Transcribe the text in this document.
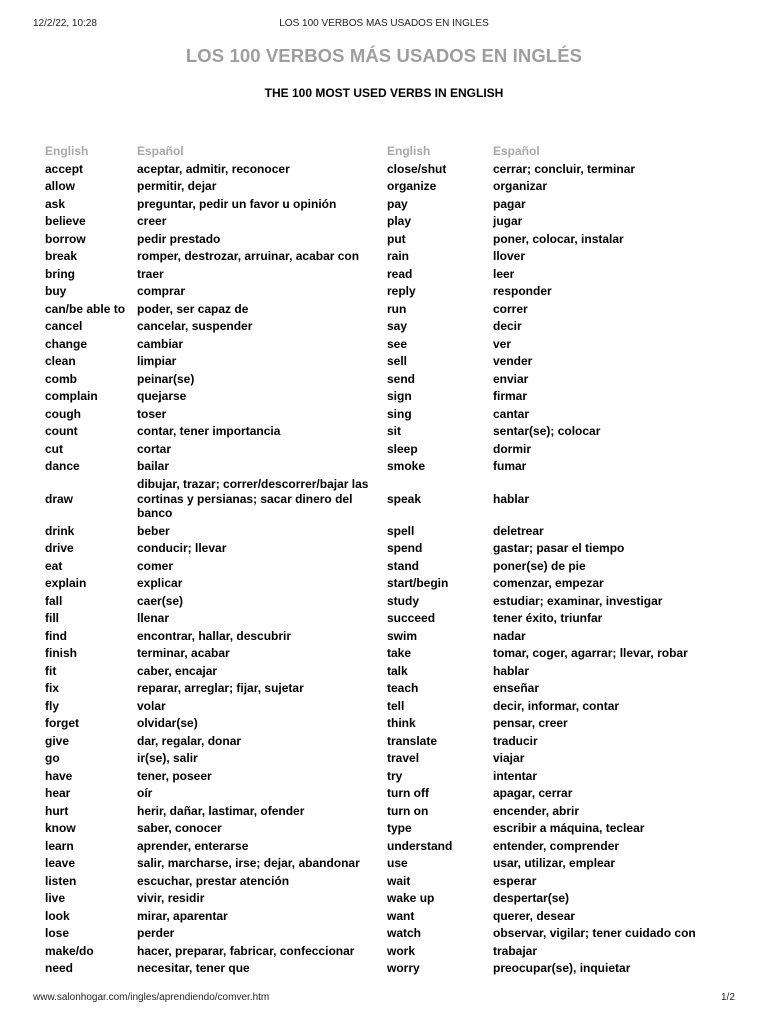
12/2/22, 10:28	LOS 100 VERBOS MAS USADOS EN INGLES
LOS 100 VERBOS MÁS USADOS EN INGLÉS
THE 100 MOST USED VERBS IN ENGLISH
English	Español
accept	aceptar, admitir, reconocer
allow	permitir, dejar
ask	preguntar, pedir un favor u opinión
believe	creer
borrow	pedir prestado
break	romper, destrozar, arruinar, acabar con
bring	traer
buy	comprar
can/be able to	poder, ser capaz de
cancel	cancelar, suspender
change	cambiar
clean	limpiar
comb	peinar(se)
complain	quejarse
cough	toser
count	contar, tener importancia
cut	cortar
dance	bailar
draw	dibujar, trazar; correr/descorrer/bajar las cortinas y persianas; sacar dinero del banco
drink	beber
drive	conducir; llevar
eat	comer
explain	explicar
fall	caer(se)
fill	llenar
find	encontrar, hallar, descubrir
finish	terminar, acabar
fit	caber, encajar
fix	reparar, arreglar; fijar, sujetar
fly	volar
forget	olvidar(se)
give	dar, regalar, donar
go	ir(se), salir
have	tener, poseer
hear	oír
hurt	herir, dañar, lastimar, ofender
know	saber, conocer
learn	aprender, enterarse
leave	salir, marcharse, irse; dejar, abandonar
listen	escuchar, prestar atención
live	vivir, residir
look	mirar, aparentar
lose	perder
make/do	hacer, preparar, fabricar, confeccionar
need	necesitar, tener que
English	Español
close/shut	cerrar; concluir, terminar
organize	organizar
pay	pagar
play	jugar
put	poner, colocar, instalar
rain	llover
read	leer
reply	responder
run	correr
say	decir
see	ver
sell	vender
send	enviar
sign	firmar
sing	cantar
sit	sentar(se); colocar
sleep	dormir
smoke	fumar
speak	hablar
spell	deletrear
spend	gastar; pasar el tiempo
stand	poner(se) de pie
start/begin	comenzar, empezar
study	estudiar; examinar, investigar
succeed	tener éxito, triunfar
swim	nadar
take	tomar, coger, agarrar; llevar, robar
talk	hablar
teach	enseñar
tell	decir, informar, contar
think	pensar, creer
translate	traducir
travel	viajar
try	intentar
turn off	apagar, cerrar
turn on	encender, abrir
type	escribir a máquina, teclear
understand	entender, comprender
use	usar, utilizar, emplear
wait	esperar
wake up	despertar(se)
want	querer, desear
watch	observar, vigilar; tener cuidado con
work	trabajar
worry	preocupar(se), inquietar
www.salonhogar.com/ingles/aprendiendo/comver.htm	1/2
